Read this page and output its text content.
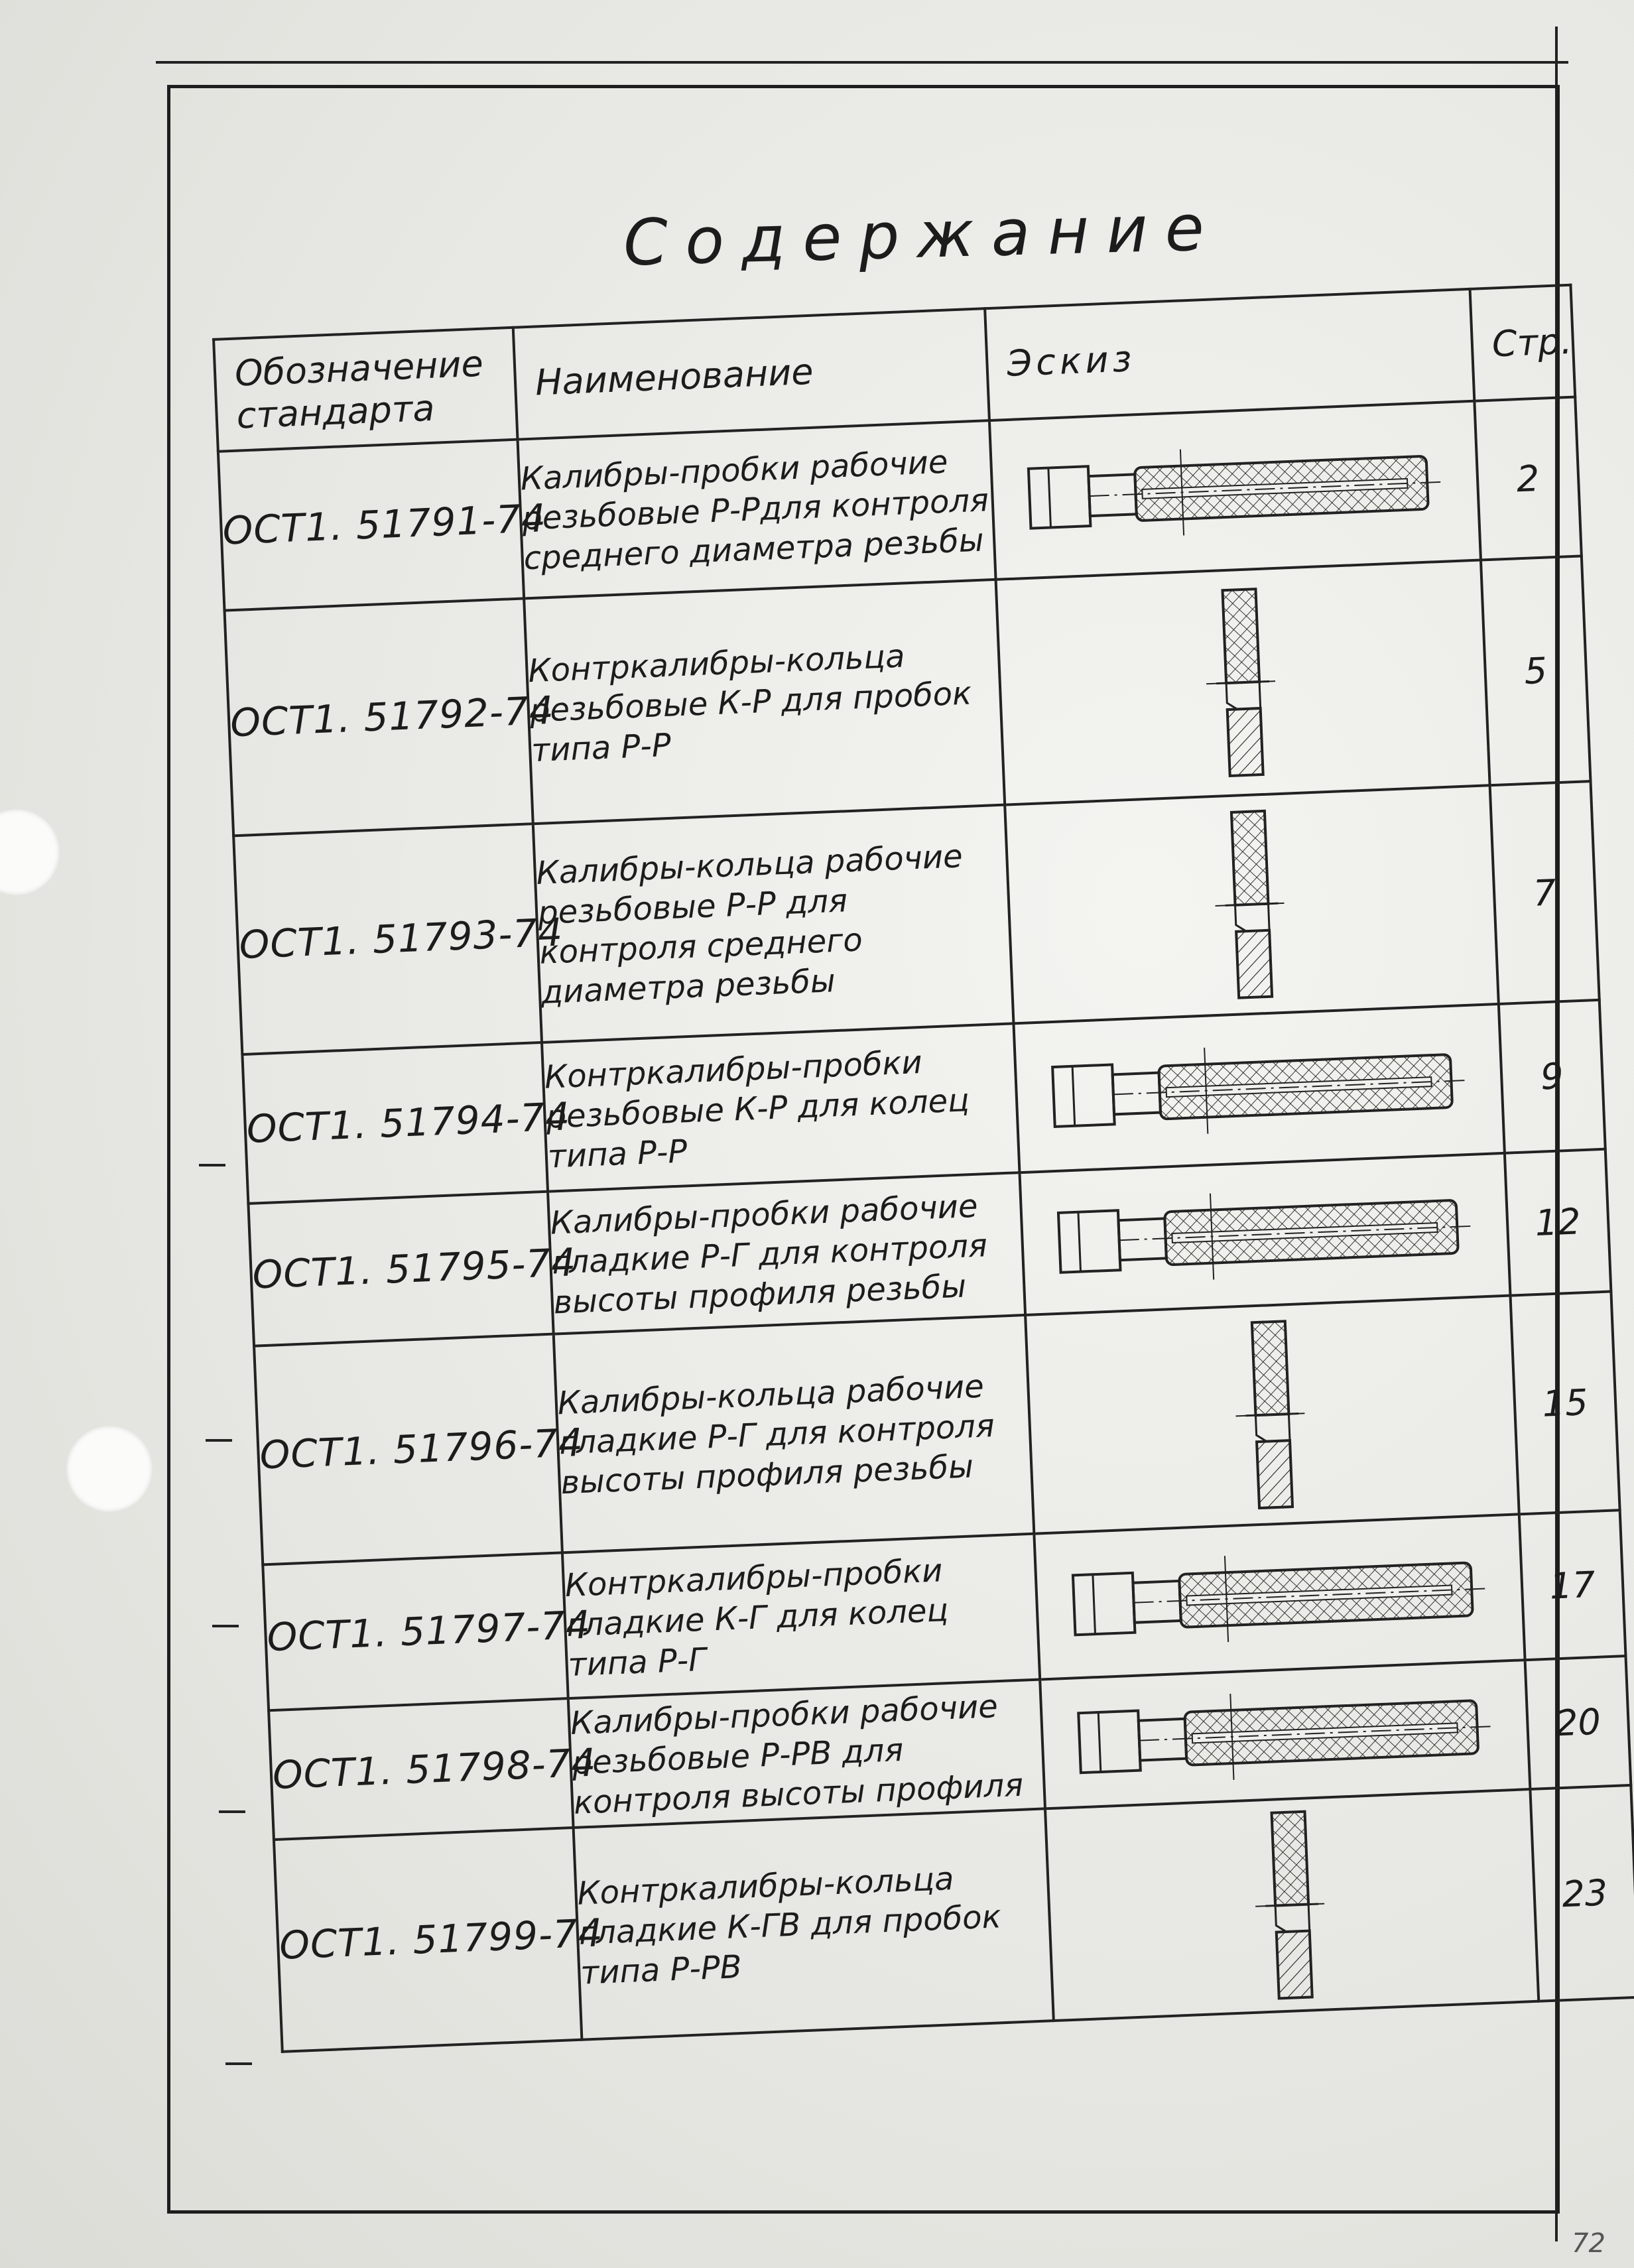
Содержание
Обозначение стандарта	Наименование	Эскиз	Стр.
ОСТ1. 51791-74	Калибры-пробки рабочие резьбовые Р-Рдля контроля среднего диаметра резьбы		2
ОСТ1. 51792-74	Контркалибры-кольца резьбовые К-Р для пробок типа Р-Р		5
ОСТ1. 51793-74	Калибры-кольца рабочие резьбовые Р-Р для контроля среднего диаметра резьбы		7
ОСТ1. 51794-74	Контркалибры-пробки резьбовые К-Р для колец типа Р-Р		9
ОСТ1. 51795-74	Калибры-пробки рабочие гладкие Р-Г для контроля высоты профиля резьбы		12
ОСТ1. 51796-74	Калибры-кольца рабочие гладкие Р-Г для контроля высоты профиля резьбы		15
ОСТ1. 51797-74	Контркалибры-пробки гладкие К-Г для колец типа Р-Г		17
ОСТ1. 51798-74	Калибры-пробки рабочие резьбовые Р-РВ для контроля высоты профиля		20
ОСТ1. 51799-74	Контркалибры-кольца гладкие К-ГВ для пробок типа Р-РВ		23
72
